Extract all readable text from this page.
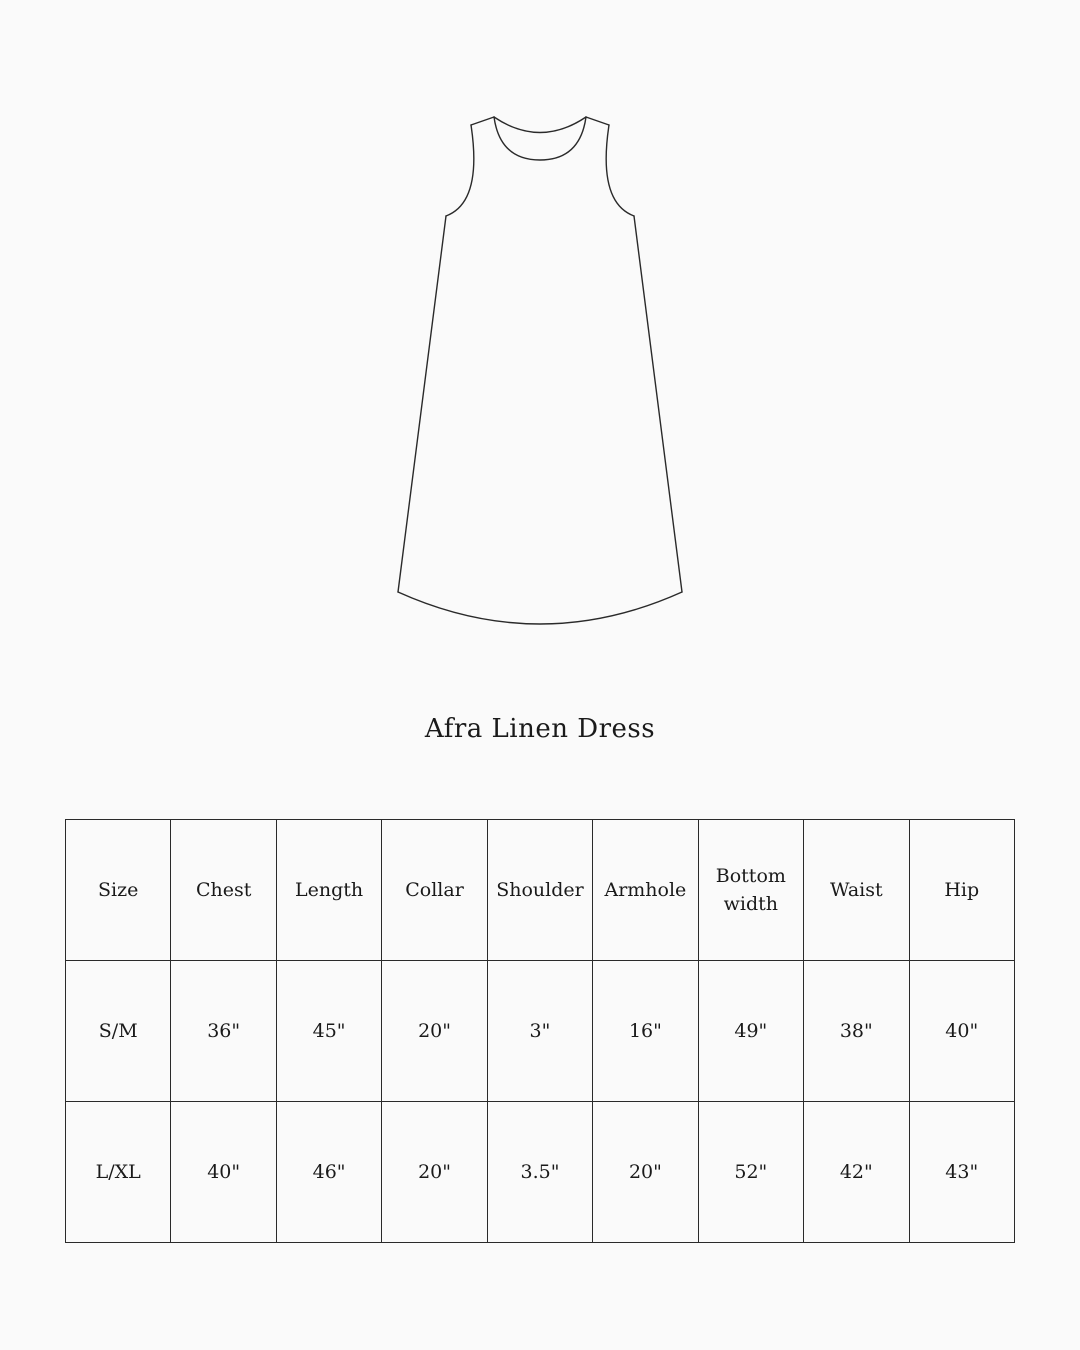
Afra Linen Dress
Size	Chest	Length	Collar	Shoulder	Armhole	Bottom width	Waist	Hip
S/M	36"	45"	20"	3"	16"	49"	38"	40"
L/XL	40"	46"	20"	3.5"	20"	52"	42"	43"
